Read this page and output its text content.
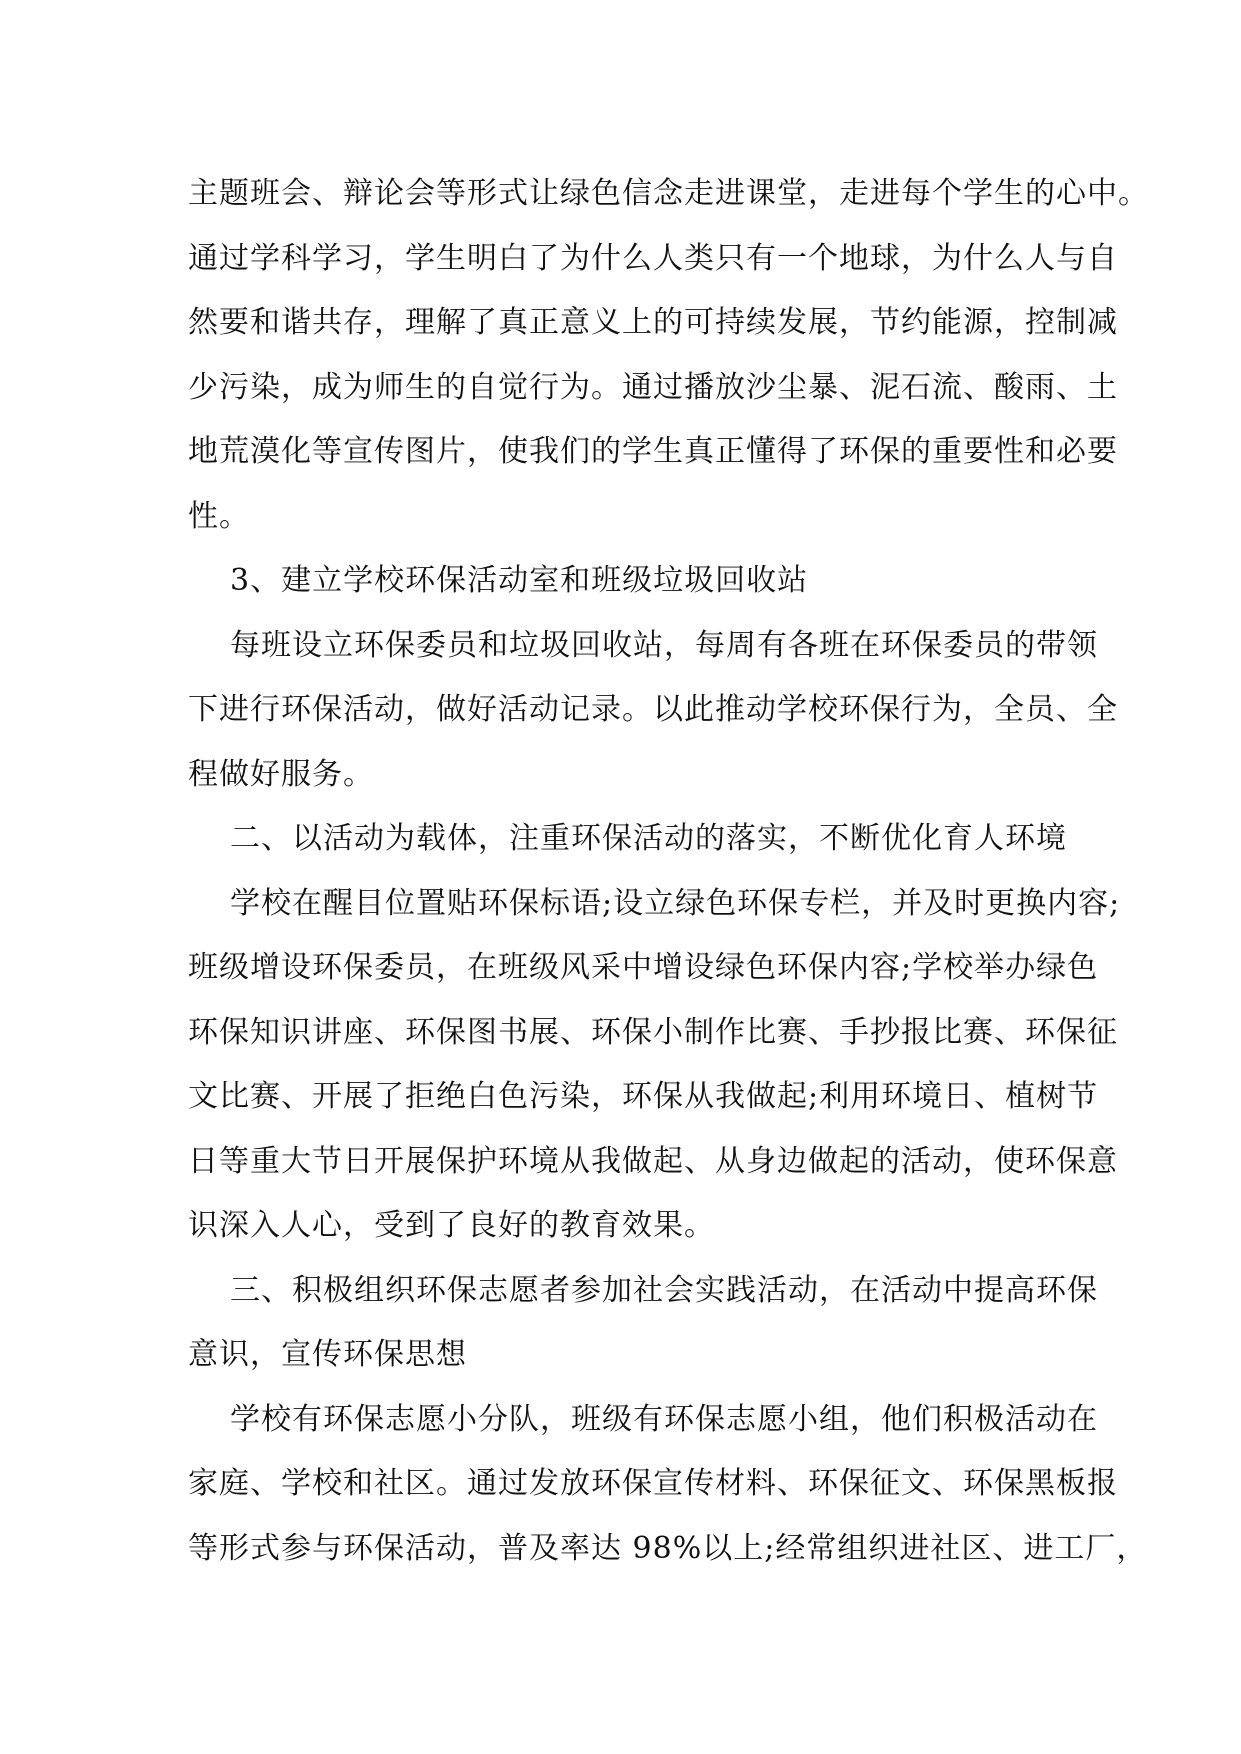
主题班会、辩论会等形式让绿色信念走进课堂，走进每个学生的心中。
通过学科学习，学生明白了为什么人类只有一个地球，为什么人与自
然要和谐共存，理解了真正意义上的可持续发展，节约能源，控制减
少污染，成为师生的自觉行为。通过播放沙尘暴、泥石流、酸雨、土
地荒漠化等宣传图片，使我们的学生真正懂得了环保的重要性和必要
性。
3、建立学校环保活动室和班级垃圾回收站
每班设立环保委员和垃圾回收站，每周有各班在环保委员的带领
下进行环保活动，做好活动记录。以此推动学校环保行为，全员、全
程做好服务。
二、以活动为载体，注重环保活动的落实，不断优化育人环境
学校在醒目位置贴环保标语;设立绿色环保专栏，并及时更换内容;
班级增设环保委员，在班级风采中增设绿色环保内容;学校举办绿色
环保知识讲座、环保图书展、环保小制作比赛、手抄报比赛、环保征
文比赛、开展了拒绝白色污染，环保从我做起;利用环境日、植树节
日等重大节日开展保护环境从我做起、从身边做起的活动，使环保意
识深入人心，受到了良好的教育效果。
三、积极组织环保志愿者参加社会实践活动，在活动中提高环保
意识，宣传环保思想
学校有环保志愿小分队，班级有环保志愿小组，他们积极活动在
家庭、学校和社区。通过发放环保宣传材料、环保征文、环保黑板报
等形式参与环保活动，普及率达 98%以上;经常组织进社区、进工厂，
